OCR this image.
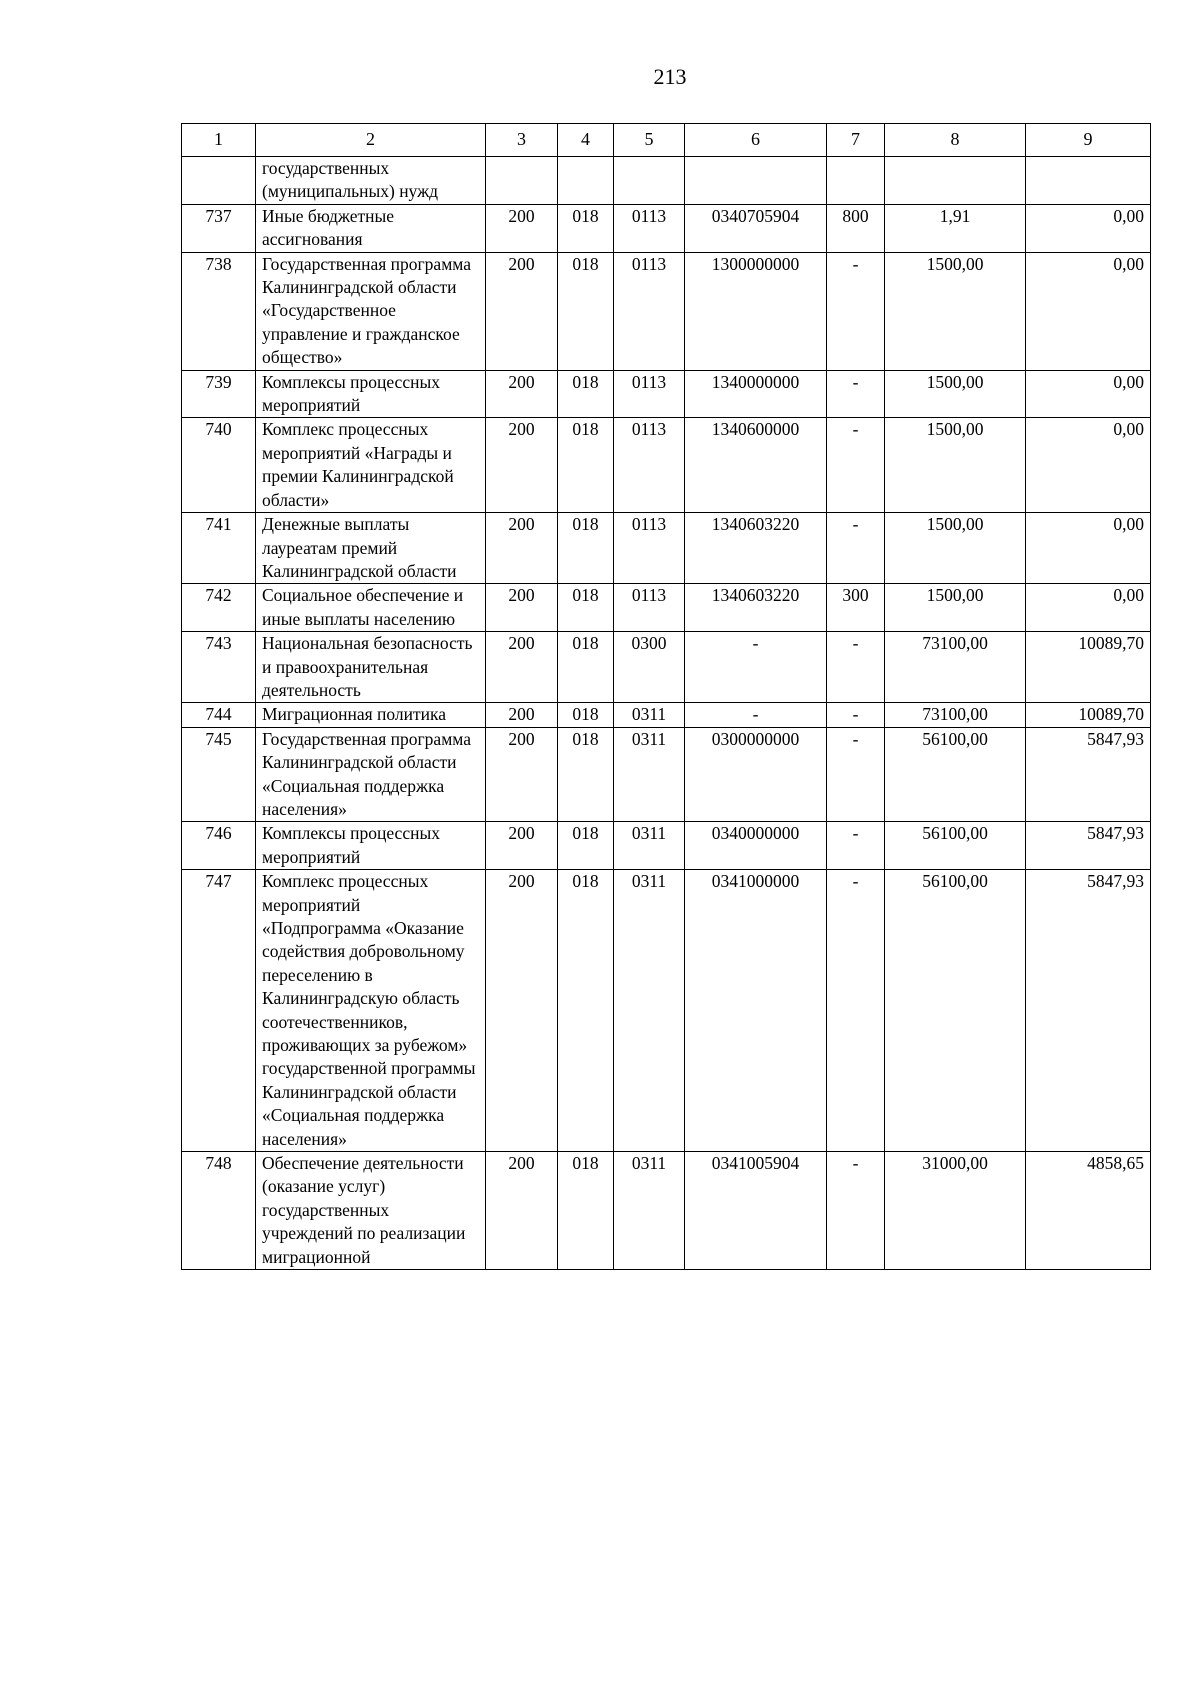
213
1	2	3	4	5	6	7	8	9
	государственных (муниципальных) нужд							
737	Иные бюджетные ассигнования	200	018	0113	0340705904	800	1,91	0,00
738	Государственная программа Калининградской области «Государственное управление и гражданское общество»	200	018	0113	1300000000	-	1500,00	0,00
739	Комплексы процессных мероприятий	200	018	0113	1340000000	-	1500,00	0,00
740	Комплекс процессных мероприятий «Награды и премии Калининградской области»	200	018	0113	1340600000	-	1500,00	0,00
741	Денежные выплаты лауреатам премий Калининградской области	200	018	0113	1340603220	-	1500,00	0,00
742	Социальное обеспечение и иные выплаты населению	200	018	0113	1340603220	300	1500,00	0,00
743	Национальная безопасность и правоохранительная деятельность	200	018	0300	-	-	73100,00	10089,70
744	Миграционная политика	200	018	0311	-	-	73100,00	10089,70
745	Государственная программа Калининградской области «Социальная поддержка населения»	200	018	0311	0300000000	-	56100,00	5847,93
746	Комплексы процессных мероприятий	200	018	0311	0340000000	-	56100,00	5847,93
747	Комплекс процессных мероприятий «Подпрограмма «Оказание содействия добровольному переселению в Калининградскую область соотечественников, проживающих за рубежом» государственной программы Калининградской области «Социальная поддержка населения»	200	018	0311	0341000000	-	56100,00	5847,93
748	Обеспечение деятельности (оказание услуг) государственных учреждений по реализации миграционной	200	018	0311	0341005904	-	31000,00	4858,65
